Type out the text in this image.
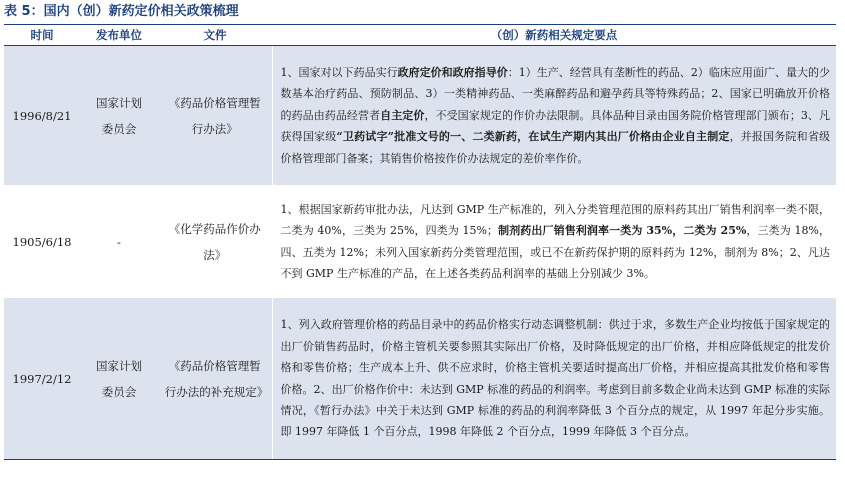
表 5：国内（创）新药定价相关政策梳理
时间	发布单位	文件	（创）新药相关规定要点
1996/8/21	国家计划委员会	《药品价格管理暂行办法》	1、国家对以下药品实行政府定价和政府指导价：1）生产、经营具有垄断性的药品、2）临床应用面广、量大的少数基本治疗药品、预防制品、3）一类精神药品、一类麻醉药品和避孕药具等特殊药品；2、国家已明确放开价格的药品由药品经营者自主定价，不受国家规定的作价办法限制。具体品种目录由国务院价格管理部门颁布；3、凡获得国家级“卫药试字”批准文号的一、二类新药，在试生产期内其出厂价格由企业自主制定，并报国务院和省级价格管理部门备案；其销售价格按作价办法规定的差价率作价。

1905/6/18	-	《化学药品作价办法》	1、根据国家新药审批办法，凡达到 GMP 生产标准的，列入分类管理范围的原料药其出厂销售利润率一类不限，二类为 40%，三类为 25%，四类为 15%；制剂药出厂销售利润率一类为 35%，二类为 25%，三类为 18%，四、五类为 12%；未列入国家新药分类管理范围，或已不在新药保护期的原料药为 12%，制剂为 8%；2、凡达不到 GMP 生产标准的产品，在上述各类药品利润率的基础上分别减少 3%。

1997/2/12	国家计划委员会	《药品价格管理暂行办法的补充规定》	1、列入政府管理价格的药品目录中的药品价格实行动态调整机制：供过于求，多数生产企业均按低于国家规定的出厂价销售药品时，价格主管机关要参照其实际出厂价格，及时降低规定的出厂价格，并相应降低规定的批发价格和零售价格；生产成本上升、供不应求时，价格主管机关要适时提高出厂价格，并相应提高其批发价格和零售价格。2、出厂价格作价中：未达到 GMP 标准的药品的利润率。考虑到目前多数企业尚未达到 GMP 标准的实际情况，《暂行办法》中关于未达到 GMP 标准的药品的利润率降低 3 个百分点的规定，从 1997 年起分步实施。即 1997 年降低 1 个百分点，1998 年降低 2 个百分点，1999 年降低 3 个百分点。
